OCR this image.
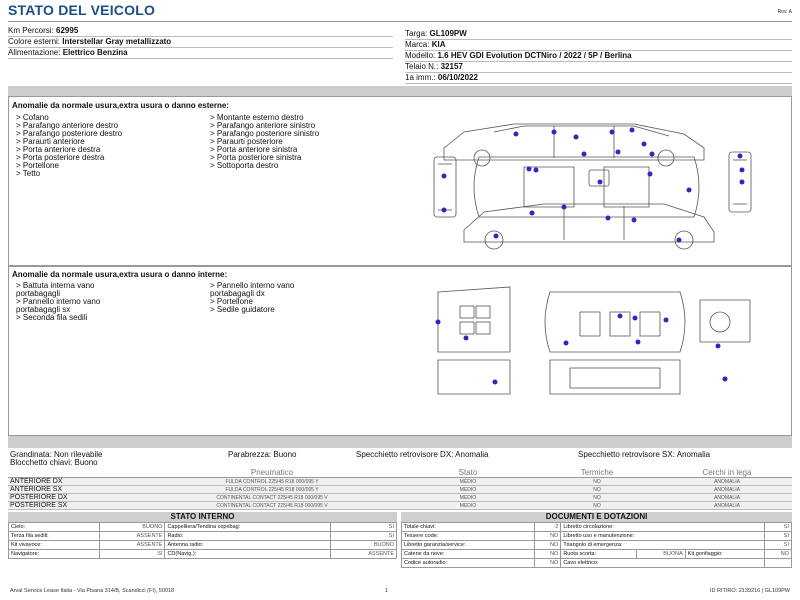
STATO DEL VEICOLO	Rev. A
Km Percorsi: 62995
Colore esterni: Interstellar Gray metallizzato
Alimentazione: Elettrico Benzina
Targa: GL109PW
Marca: KIA
Modello: 1.6 HEV GDI Evolution DCTNiro / 2022 / 5P / Berlina
Telaio N.: 32157
1a imm.: 06/10/2022
Anomalie da normale usura,extra usura o danno esterne:
> Cofano
> Parafango anteriore destro
> Parafango posteriore destro
> Paraurti anteriore
> Porta anteriore destra
> Porta posteriore destra
> Portellone
> Tetto
> Montante esterno destro
> Parafango anteriore sinistro
> Parafango posteriore sinistro
> Paraurti posteriore
> Porta anteriore sinistra
> Porta posteriore sinistra
> Sottoporta destro
Anomalie da normale usura,extra usura o danno interne:
> Battuta interna vano
portabagagli
> Pannello interno vano
portabagagli sx
> Seconda fila sedili
> Pannello interno vano
portabagagli dx
> Portellone
> Sedile guidatore
Grandinata: Non rilevabile	Parabrezza: Buono	Specchietto retrovisore DX: Anomalia	Specchietto retrovisore SX: Anomalia
Blocchetto chiavi: Buono
	Pneumatico	Stato	Termiche	Cerchi in lega
ANTERIORE DX	FULDA CONTROL 225/45 R18 000/095 Y	MEDIO	NO	ANOMALIA
ANTERIORE SX	FULDA CONTROL 225/45 R18 000/095 Y	MEDIO	NO	ANOMALIA
POSTERIORE DX	CONTINENTAL CONTACT 225/45 R18 000/095 V	MEDIO	NO	ANOMALIA
POSTERIORE SX	CONTINENTAL CONTACT 225/45 R18 000/095 V	MEDIO	NO	ANOMALIA
STATO INTERNO
Cielo:	BUONO	Cappelliera/Tendina copribag:	SI
Terza fila sedili:	ASSENTE	Radio:	SI
Kit vivavoce:	ASSENTE	Antenna radio:	BUONO
Navigatore:	SI	CD(Navig.):	ASSENTE
DOCUMENTI E DOTAZIONI
Totale chiavi:	2	Libretto circolazione:			SI
Tessere code:	NO	Libretto uso e manutenzione:			SI
Libretto garanzia/service:	NO	Triangolo di emergenza:			SI
Catene da neve:	NO	Ruota scorta:	BUONA	Kit gonfiaggio:	NO
Codice autoradio:	NO	Cavo elettrico:			
Arval Service Lease Italia - Via Pisana 314/B, Scandicci (FI), 50018	1	ID RITIRO: 2139216 | GL109PW
